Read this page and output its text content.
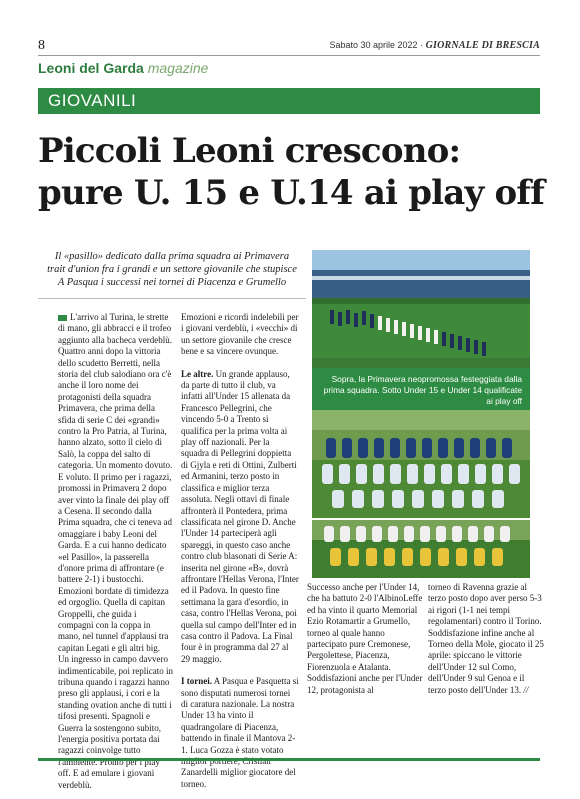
8	Sabato 30 aprile 2022 · GIORNALE DI BRESCIA
Leoni del Garda magazine
GIOVANILI
Piccoli Leoni crescono:
pure U. 15 e U.14 ai play off
Il «pasillo» dedicato dalla prima squadra ai Primavera
trait d'union fra i grandi e un settore giovanile che stupisce
A Pasqua i successi nei tornei di Piacenza e Grumello

L'arrivo al Turina, le strette di mano, gli abbracci e il trofeo aggiunto alla bacheca verdeblù. Quattro anni dopo la vittoria dello scudetto Berretti, nella storia del club salodiano ora c'è anche il loro nome dei protagonisti della squadra Primavera, che prima della sfida di serie C dei «grandi» contro la Pro Patria, al Turina, hanno alzato, sotto il cielo di Salò, la coppa del salto di categoria. Un momento dovuto. E voluto. Il primo per i ragazzi, promossi in Primavera 2 dopo aver vinto la finale dei play off a Cesena. Il secondo dalla Prima squadra, che ci teneva ad omaggiare i baby Leoni del Garda. E a cui hanno dedicato «el Pasillo», la passerella d'onore prima di affrontare (e battere 2-1) i bustocchi. Emozioni bordate di timidezza ed orgoglio. Quella di capitan Groppelli, che guida i compagni con la coppa in mano, nel tunnel d'applausi tra capitan Legati e gli altri big. Un ingresso in campo davvero indimenticabile, poi replicato in tribuna quando i ragazzi hanno preso gli applausi, i cori e la standing ovation anche di tutti i tifosi presenti. Spagnoli e Guerra la sostengono subito, l'energia positiva portata dai ragazzi coinvolge tutto l'ambiente. Pronto per i play off. E ad emulare i giovani verdeblù.

Emozioni e ricordi indelebili per i giovani verdeblù, i «vecchi» di un settore giovanile che cresce bene e sa vincere ovunque.

Le altre. Un grande applauso, da parte di tutto il club, va infatti all'Under 15 allenata da Francesco Pellegrini, che vincendo 5-0 a Trento si qualifica per la prima volta ai play off nazionali. Per la squadra di Pellegrini doppietta di Gjyla e reti di Ottini, Zulberti ed Armanini, terzo posto in classifica e miglior terza assoluta. Negli ottavi di finale affronterà il Pontedera, prima classificata nel girone D. Anche l'Under 14 parteciperà agli spareggi, in questo caso anche contro club blasonati di Serie A: inserita nel girone «B», dovrà affrontare l'Hellas Verona, l'Inter ed il Padova. In questo fine settimana la gara d'esordio, in casa, contro l'Hellas Verona, poi quella sul campo dell'Inter ed in casa contro il Padova. La Final four è in programma dal 27 al 29 maggio.

I tornei. A Pasqua e Pasquetta si sono disputati numerosi tornei di caratura nazionale. La nostra Under 13 ha vinto il quadrangolare di Piacenza, battendo in finale il Mantova 2-1. Luca Gozza è stato votato miglior portiere, Cristian Zanardelli miglior giocatore del torneo.

Sopra, la Primavera neopromossa festeggiata dalla prima squadra. Sotto Under 15 e Under 14 qualificate ai play off

Successo anche per l'Under 14, che ha battuto 2-0 l'AlbinoLeffe ed ha vinto il quarto Memorial Ezio Rotamartir a Grumello, torneo al quale hanno partecipato pure Cremonese, Pergolettese, Piacenza, Fiorenzuola e Atalanta. Soddisfazioni anche per l'Under 12, protagonista al

torneo di Ravenna grazie al terzo posto dopo aver perso 5-3 ai rigori (1-1 nei tempi regolamentari) contro il Torino. Soddisfazione infine anche al Torneo della Mole, giocato il 25 aprile: spiccano le vittorie dell'Under 12 sul Como, dell'Under 9 sul Genoa e il terzo posto dell'Under 13. //
